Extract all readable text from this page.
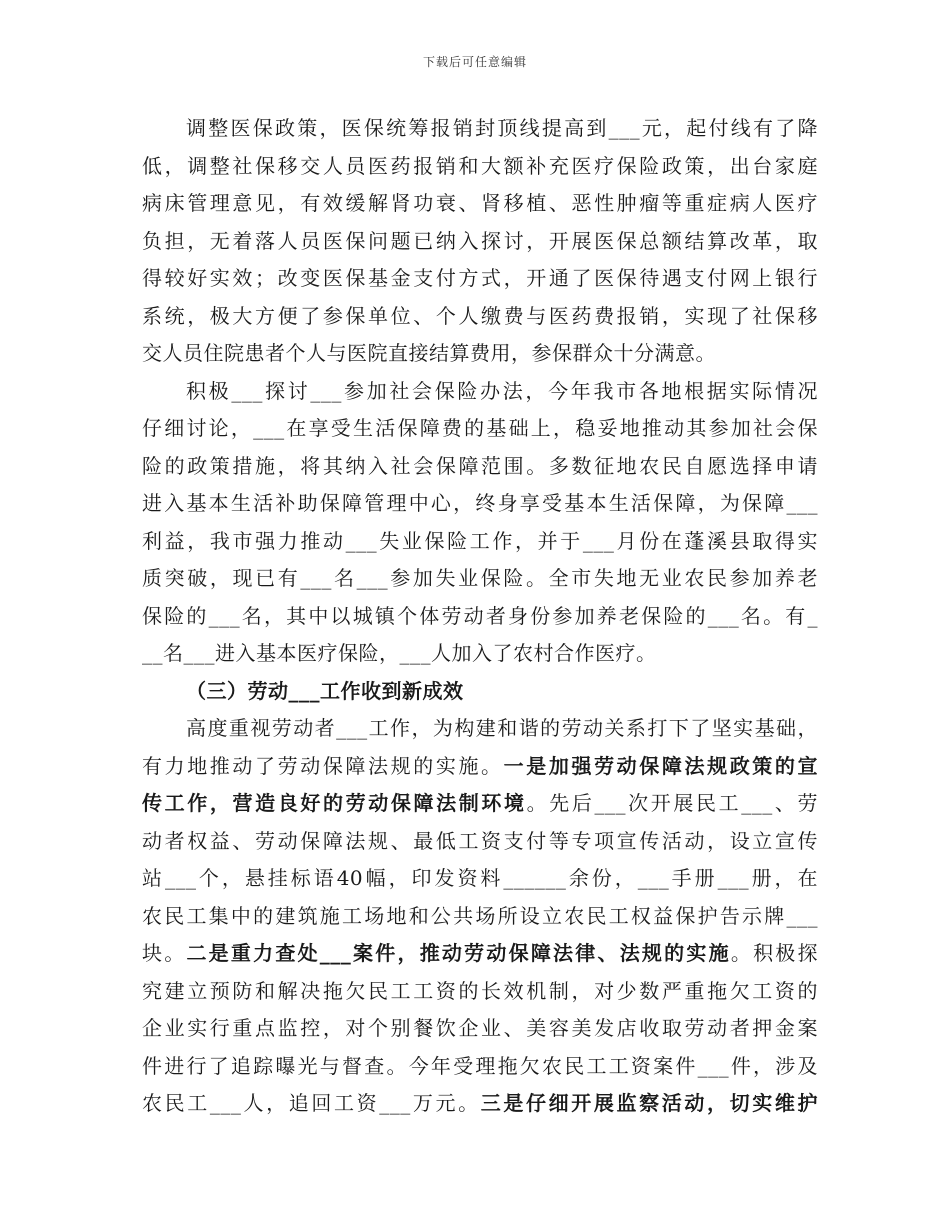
下载后可任意编辑
调整医保政策，医保统筹报销封顶线提高到___元，起付线有了降
低，调整社保移交人员医药报销和大额补充医疗保险政策，出台家庭
病床管理意见，有效缓解肾功衰、肾移植、恶性肿瘤等重症病人医疗
负担，无着落人员医保问题已纳入探讨，开展医保总额结算改革，取
得较好实效；改变医保基金支付方式，开通了医保待遇支付网上银行
系统，极大方便了参保单位、个人缴费与医药费报销，实现了社保移
交人员住院患者个人与医院直接结算费用，参保群众十分满意。
积极___探讨___参加社会保险办法，今年我市各地根据实际情况
仔细讨论，___在享受生活保障费的基础上，稳妥地推动其参加社会保
险的政策措施，将其纳入社会保障范围。多数征地农民自愿选择申请
进入基本生活补助保障管理中心，终身享受基本生活保障，为保障___
利益，我市强力推动___失业保险工作，并于___月份在蓬溪县取得实
质突破，现已有___名___参加失业保险。全市失地无业农民参加养老
保险的___名，其中以城镇个体劳动者身份参加养老保险的___名。有_
__名___进入基本医疗保险，___人加入了农村合作医疗。
（三）劳动___工作收到新成效
高度重视劳动者___工作，为构建和谐的劳动关系打下了坚实基础，
有力地推动了劳动保障法规的实施。一是加强劳动保障法规政策的宣
传工作，营造良好的劳动保障法制环境。先后___次开展民工___、劳
动者权益、劳动保障法规、最低工资支付等专项宣传活动，设立宣传
站___个，悬挂标语40幅，印发资料______余份，___手册___册，在
农民工集中的建筑施工场地和公共场所设立农民工权益保护告示牌___
块。二是重力查处___案件，推动劳动保障法律、法规的实施。积极探
究建立预防和解决拖欠民工工资的长效机制，对少数严重拖欠工资的
企业实行重点监控，对个别餐饮企业、美容美发店收取劳动者押金案
件进行了追踪曝光与督查。今年受理拖欠农民工工资案件___件，涉及
农民工___人，追回工资___万元。三是仔细开展监察活动，切实维护
